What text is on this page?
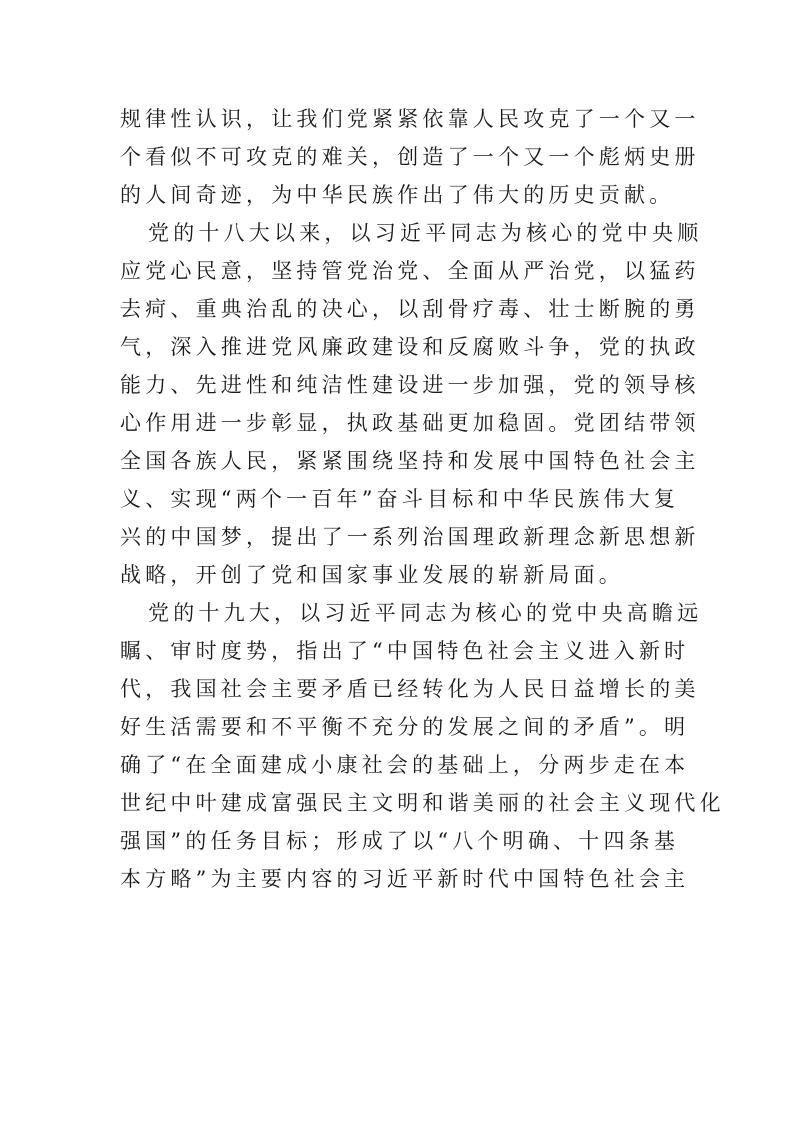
规律性认识，让我们党紧紧依靠人民攻克了一个又一
个看似不可攻克的难关，创造了一个又一个彪炳史册
的人间奇迹，为中华民族作出了伟大的历史贡献。
党的十八大以来，以习近平同志为核心的党中央顺
应党心民意，坚持管党治党、全面从严治党，以猛药
去疴、重典治乱的决心，以刮骨疗毒、壮士断腕的勇
气，深入推进党风廉政建设和反腐败斗争，党的执政
能力、先进性和纯洁性建设进一步加强，党的领导核
心作用进一步彰显，执政基础更加稳固。党团结带领
全国各族人民，紧紧围绕坚持和发展中国特色社会主
义、实现“两个一百年”奋斗目标和中华民族伟大复
兴的中国梦，提出了一系列治国理政新理念新思想新
战略，开创了党和国家事业发展的崭新局面。
党的十九大，以习近平同志为核心的党中央高瞻远
瞩、审时度势，指出了“中国特色社会主义进入新时
代，我国社会主要矛盾已经转化为人民日益增长的美
好生活需要和不平衡不充分的发展之间的矛盾”。明
确了“在全面建成小康社会的基础上，分两步走在本
世纪中叶建成富强民主文明和谐美丽的社会主义现代化
强国”的任务目标；形成了以“八个明确、十四条基
本方略”为主要内容的习近平新时代中国特色社会主
